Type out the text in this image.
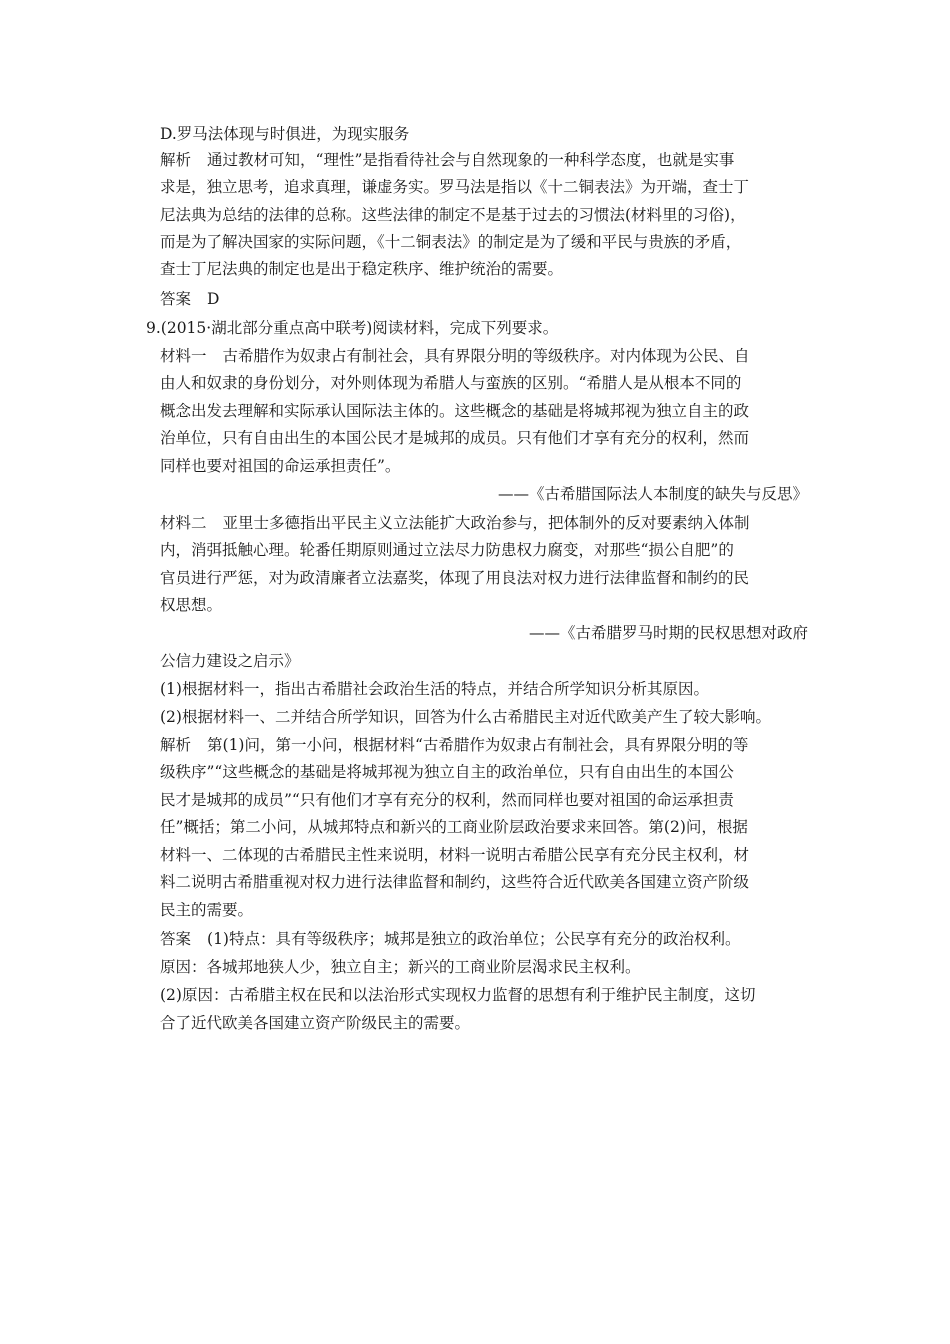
D.罗马法体现与时俱进，为现实服务
解析 通过教材可知，“理性”是指看待社会与自然现象的一种科学态度，也就是实事
求是，独立思考，追求真理，谦虚务实。罗马法是指以《十二铜表法》为开端，查士丁
尼法典为总结的法律的总称。这些法律的制定不是基于过去的习惯法(材料里的习俗)，
而是为了解决国家的实际问题，《十二铜表法》的制定是为了缓和平民与贵族的矛盾，
查士丁尼法典的制定也是出于稳定秩序、维护统治的需要。
答案 D
9.(2015·湖北部分重点高中联考)阅读材料，完成下列要求。
材料一 古希腊作为奴隶占有制社会，具有界限分明的等级秩序。对内体现为公民、自
由人和奴隶的身份划分，对外则体现为希腊人与蛮族的区别。“希腊人是从根本不同的
概念出发去理解和实际承认国际法主体的。这些概念的基础是将城邦视为独立自主的政
治单位，只有自由出生的本国公民才是城邦的成员。只有他们才享有充分的权利，然而
同样也要对祖国的命运承担责任”。
——《古希腊国际法人本制度的缺失与反思》
材料二 亚里士多德指出平民主义立法能扩大政治参与，把体制外的反对要素纳入体制
内，消弭抵触心理。轮番任期原则通过立法尽力防患权力腐变，对那些“损公自肥”的
官员进行严惩，对为政清廉者立法嘉奖，体现了用良法对权力进行法律监督和制约的民
权思想。
——《古希腊罗马时期的民权思想对政府
公信力建设之启示》
(1)根据材料一，指出古希腊社会政治生活的特点，并结合所学知识分析其原因。
(2)根据材料一、二并结合所学知识，回答为什么古希腊民主对近代欧美产生了较大影响。
解析 第(1)问，第一小问，根据材料“古希腊作为奴隶占有制社会，具有界限分明的等
级秩序”“这些概念的基础是将城邦视为独立自主的政治单位，只有自由出生的本国公
民才是城邦的成员”“只有他们才享有充分的权利，然而同样也要对祖国的命运承担责
任”概括；第二小问，从城邦特点和新兴的工商业阶层政治要求来回答。第(2)问，根据
材料一、二体现的古希腊民主性来说明，材料一说明古希腊公民享有充分民主权利，材
料二说明古希腊重视对权力进行法律监督和制约，这些符合近代欧美各国建立资产阶级
民主的需要。
答案 (1)特点：具有等级秩序；城邦是独立的政治单位；公民享有充分的政治权利。
原因：各城邦地狭人少，独立自主；新兴的工商业阶层渴求民主权利。
(2)原因：古希腊主权在民和以法治形式实现权力监督的思想有利于维护民主制度，这切
合了近代欧美各国建立资产阶级民主的需要。
